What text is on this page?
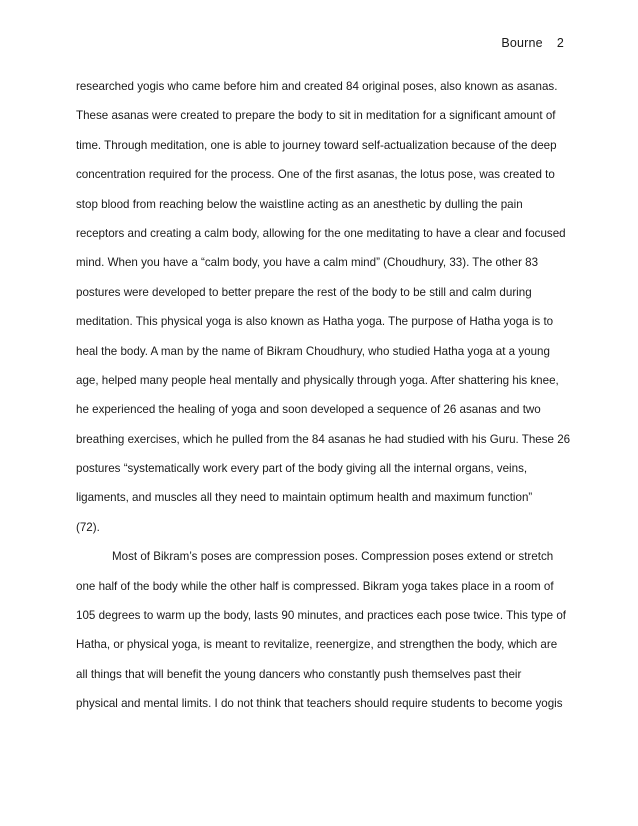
Bourne 2
researched yogis who came before him and created 84 original poses, also known as asanas.
These asanas were created to prepare the body to sit in meditation for a significant amount of
time. Through meditation, one is able to journey toward self-actualization because of the deep
concentration required for the process. One of the first asanas, the lotus pose, was created to
stop blood from reaching below the waistline acting as an anesthetic by dulling the pain
receptors and creating a calm body, allowing for the one meditating to have a clear and focused
mind. When you have a “calm body, you have a calm mind” (Choudhury, 33). The other 83
postures were developed to better prepare the rest of the body to be still and calm during
meditation. This physical yoga is also known as Hatha yoga. The purpose of Hatha yoga is to
heal the body. A man by the name of Bikram Choudhury, who studied Hatha yoga at a young
age, helped many people heal mentally and physically through yoga. After shattering his knee,
he experienced the healing of yoga and soon developed a sequence of 26 asanas and two
breathing exercises, which he pulled from the 84 asanas he had studied with his Guru. These 26
postures “systematically work every part of the body giving all the internal organs, veins,
ligaments, and muscles all they need to maintain optimum health and maximum function”
(72).
Most of Bikram’s poses are compression poses. Compression poses extend or stretch
one half of the body while the other half is compressed. Bikram yoga takes place in a room of
105 degrees to warm up the body, lasts 90 minutes, and practices each pose twice. This type of
Hatha, or physical yoga, is meant to revitalize, reenergize, and strengthen the body, which are
all things that will benefit the young dancers who constantly push themselves past their
physical and mental limits. I do not think that teachers should require students to become yogis
